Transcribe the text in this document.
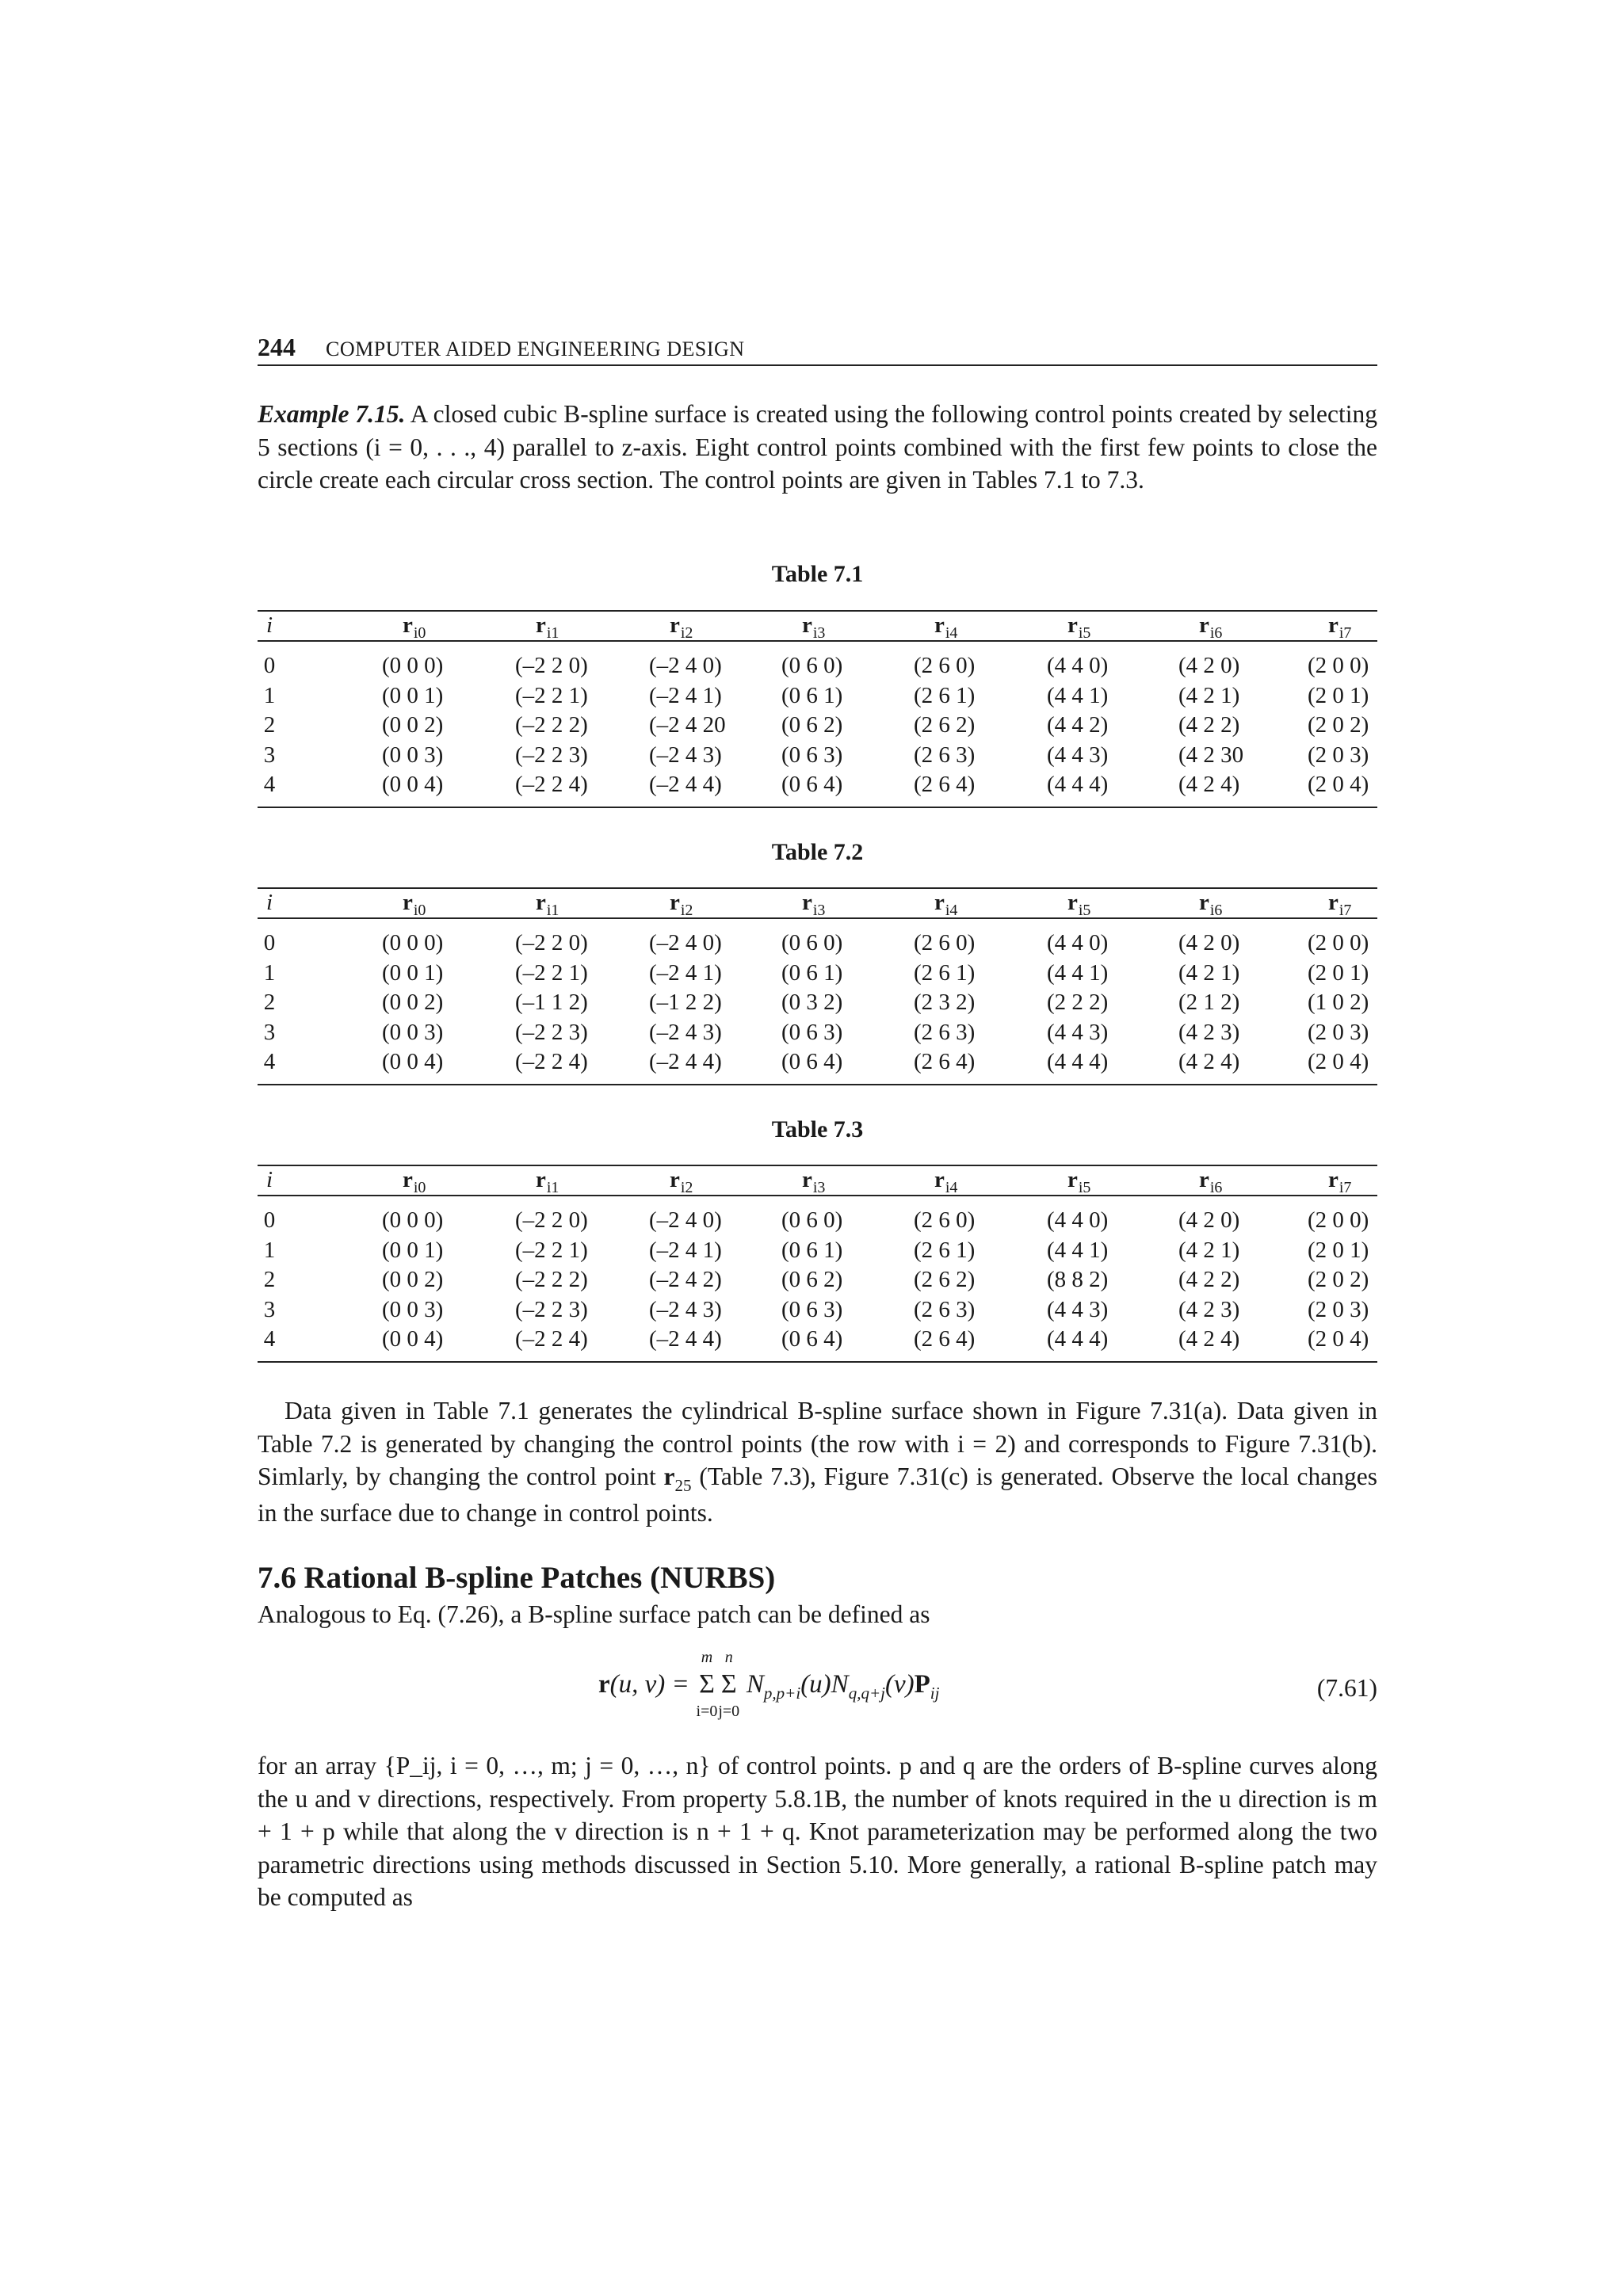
244 COMPUTER AIDED ENGINEERING DESIGN

Example 7.15. A closed cubic B-spline surface is created using the following control points created by selecting 5 sections (i = 0, . . ., 4) parallel to z-axis. Eight control points combined with the first few points to close the circle create each circular cross section. The control points are given in Tables 7.1 to 7.3.

Table 7.1
i	$r_{i0}$	$r_{i1}$	$r_{i2}$	$r_{i3}$	$r_{i4}$	$r_{i5}$	$r_{i6}$	$r_{i7}$
0	(0 0 0)	(–2 2 0)	(–2 4 0)	(0 6 0)	(2 6 0)	(4 4 0)	(4 2 0)	(2 0 0)
1	(0 0 1)	(–2 2 1)	(–2 4 1)	(0 6 1)	(2 6 1)	(4 4 1)	(4 2 1)	(2 0 1)
2	(0 0 2)	(–2 2 2)	(–2 4 20 (0 6 2)	(2 6 2)	(4 4 2)	(4 2 2)	(2 0 2)
3	(0 0 3)	(–2 2 3)	(–2 4 3)	(0 6 3)	(2 6 3)	(4 4 3)	(4 2 30	(2 0 3)
4	(0 0 4)	(–2 2 4)	(–2 4 4)	(0 6 4)	(2 6 4)	(4 4 4)	(4 2 4)	(2 0 4)
Table 7.2
i	$r_{i0}$	$r_{i1}$	$r_{i2}$	$r_{i3}$	$r_{i4}$	$r_{i5}$	$r_{i6}$	$r_{i7}$
0	(0 0 0)	(–2 2 0)	(–2 4 0)	(0 6 0)	(2 6 0)	(4 4 0)	(4 2 0)	(2 0 0)
1	(0 0 1)	(–2 2 1)	(–2 4 1)	(0 6 1)	(2 6 1)	(4 4 1)	(4 2 1)	(2 0 1)
2	(0 0 2)	(–1 1 2)	(–1 2 2)	(0 3 2)	(2 3 2)	(2 2 2)	(2 1 2)	(1 0 2)
3	(0 0 3)	(–2 2 3)	(–2 4 3)	(0 6 3)	(2 6 3)	(4 4 3)	(4 2 3)	(2 0 3)
4	(0 0 4)	(–2 2 4)	(–2 4 4)	(0 6 4)	(2 6 4)	(4 4 4)	(4 2 4)	(2 0 4)
Table 7.3
i	$r_{i0}$	$r_{i1}$	$r_{i2}$	$r_{i3}$	$r_{i4}$	$r_{i5}$	$r_{i6}$	$r_{i7}$
0	(0 0 0)	(–2 2 0)	(–2 4 0)	(0 6 0)	(2 6 0)	(4 4 0)	(4 2 0)	(2 0 0)
1	(0 0 1)	(–2 2 1)	(–2 4 1)	(0 6 1)	(2 6 1)	(4 4 1)	(4 2 1)	(2 0 1)
2	(0 0 2)	(–2 2 2)	(–2 4 2)	(0 6 2)	(2 6 2)	(8 8 2)	(4 2 2)	(2 0 2)
3	(0 0 3)	(–2 2 3)	(–2 4 3)	(0 6 3)	(2 6 3)	(4 4 3)	(4 2 3)	(2 0 3)
4	(0 0 4)	(–2 2 4)	(–2 4 4)	(0 6 4)	(2 6 4)	(4 4 4)	(4 2 4)	(2 0 4)

Data given in Table 7.1 generates the cylindrical B-spline surface shown in Figure 7.31(a). Data given in Table 7.2 is generated by changing the control points (the row with i = 2) and corresponds to Figure 7.31(b). Simlarly, by changing the control point $r_{25}$ (Table 7.3), Figure 7.31(c) is generated. Observe the local changes in the surface due to change in control points.

7.6 Rational B-spline Patches (NURBS)

Analogous to Eq. (7.26), a B-spline surface patch can be defined as

r(u, v) =
m
Σ
i=0
n
Σ
j=0
$N_{p,p+i}(u)N_{q,q+j}(v)P_{ij}$	(7.61)

for an array {P_ij, i = 0, …, m; j = 0, …, n} of control points. p and q are the orders of B-spline curves along the u and v directions, respectively. From property 5.8.1B, the number of knots required in the u direction is m + 1 + p while that along the v direction is n + 1 + q. Knot parameterization may be performed along the two parametric directions using methods discussed in Section 5.10. More generally, a rational B-spline patch may be computed as
